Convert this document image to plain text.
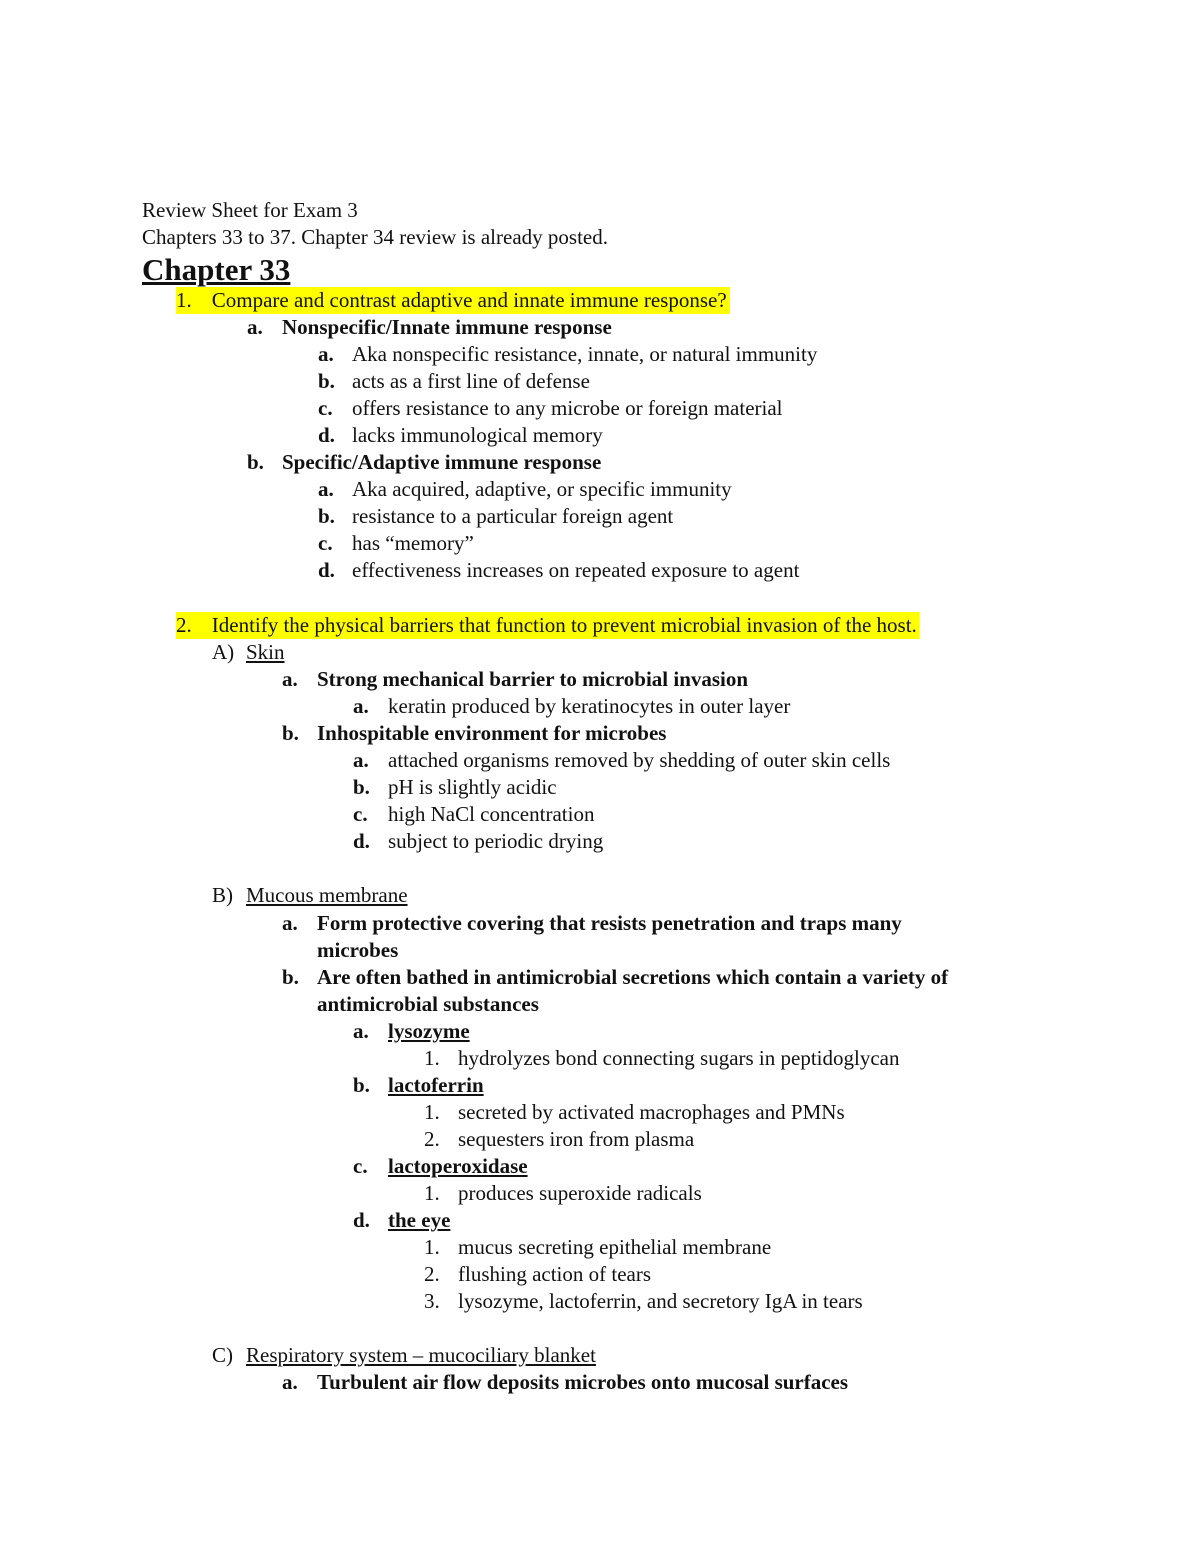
Review Sheet for Exam 3
Chapters 33 to 37. Chapter 34 review is already posted.
Chapter 33
1. Compare and contrast adaptive and innate immune response?
a. Nonspecific/Innate immune response
a. Aka nonspecific resistance, innate, or natural immunity
b. acts as a first line of defense
c. offers resistance to any microbe or foreign material
d. lacks immunological memory
b. Specific/Adaptive immune response
a. Aka acquired, adaptive, or specific immunity
b. resistance to a particular foreign agent
c. has “memory”
d. effectiveness increases on repeated exposure to agent
2. Identify the physical barriers that function to prevent microbial invasion of the host.
A) Skin
a. Strong mechanical barrier to microbial invasion
a. keratin produced by keratinocytes in outer layer
b. Inhospitable environment for microbes
a. attached organisms removed by shedding of outer skin cells
b. pH is slightly acidic
c. high NaCl concentration
d. subject to periodic drying
B) Mucous membrane
a. Form protective covering that resists penetration and traps many
microbes
b. Are often bathed in antimicrobial secretions which contain a variety of
antimicrobial substances
a. lysozyme
1. hydrolyzes bond connecting sugars in peptidoglycan
b. lactoferrin
1. secreted by activated macrophages and PMNs
2. sequesters iron from plasma
c. lactoperoxidase
1. produces superoxide radicals
d. the eye
1. mucus secreting epithelial membrane
2. flushing action of tears
3. lysozyme, lactoferrin, and secretory IgA in tears
C) Respiratory system – mucociliary blanket
a. Turbulent air flow deposits microbes onto mucosal surfaces
